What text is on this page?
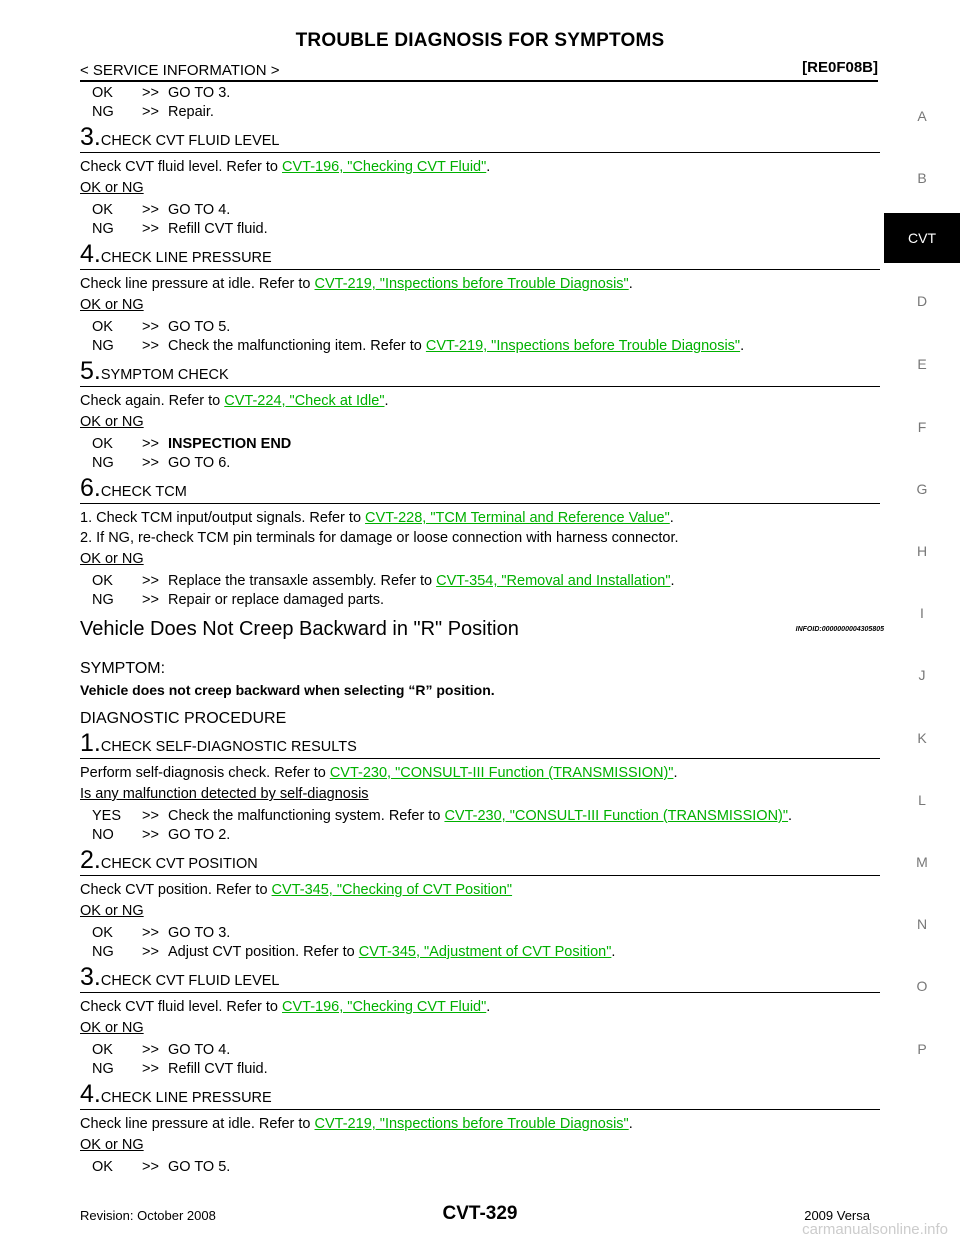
TROUBLE DIAGNOSIS FOR SYMPTOMS
< SERVICE INFORMATION >	[RE0F08B]
OK >> GO TO 3.
NG >> Repair.
3.CHECK CVT FLUID LEVEL
Check CVT fluid level. Refer to CVT-196, "Checking CVT Fluid".
OK or NG
OK >> GO TO 4.
NG >> Refill CVT fluid.
4.CHECK LINE PRESSURE
Check line pressure at idle. Refer to CVT-219, "Inspections before Trouble Diagnosis".
OK or NG
OK >> GO TO 5.
NG >> Check the malfunctioning item. Refer to CVT-219, "Inspections before Trouble Diagnosis".
5.SYMPTOM CHECK
Check again. Refer to CVT-224, "Check at Idle".
OK or NG
OK >> INSPECTION END
NG >> GO TO 6.
6.CHECK TCM
1. Check TCM input/output signals. Refer to CVT-228, "TCM Terminal and Reference Value".
2. If NG, re-check TCM pin terminals for damage or loose connection with harness connector.
OK or NG
OK >> Replace the transaxle assembly. Refer to CVT-354, "Removal and Installation".
NG >> Repair or replace damaged parts.
Vehicle Does Not Creep Backward in "R" Position	INFOID:0000000004305805
SYMPTOM:
Vehicle does not creep backward when selecting “R” position.
DIAGNOSTIC PROCEDURE
1.CHECK SELF-DIAGNOSTIC RESULTS
Perform self-diagnosis check. Refer to CVT-230, "CONSULT-III Function (TRANSMISSION)".
Is any malfunction detected by self-diagnosis
YES >> Check the malfunctioning system. Refer to CVT-230, "CONSULT-III Function (TRANSMISSION)".
NO >> GO TO 2.
2.CHECK CVT POSITION
Check CVT position. Refer to CVT-345, "Checking of CVT Position"
OK or NG
OK >> GO TO 3.
NG >> Adjust CVT position. Refer to CVT-345, "Adjustment of CVT Position".
3.CHECK CVT FLUID LEVEL
Check CVT fluid level. Refer to CVT-196, "Checking CVT Fluid".
OK or NG
OK >> GO TO 4.
NG >> Refill CVT fluid.
4.CHECK LINE PRESSURE
Check line pressure at idle. Refer to CVT-219, "Inspections before Trouble Diagnosis".
OK or NG
OK >> GO TO 5.
A
B
CVT
D
E
F
G
H
I
J
K
L
M
N
O
P
Revision: October 2008	CVT-329	2009 Versa
carmanualsonline.info
